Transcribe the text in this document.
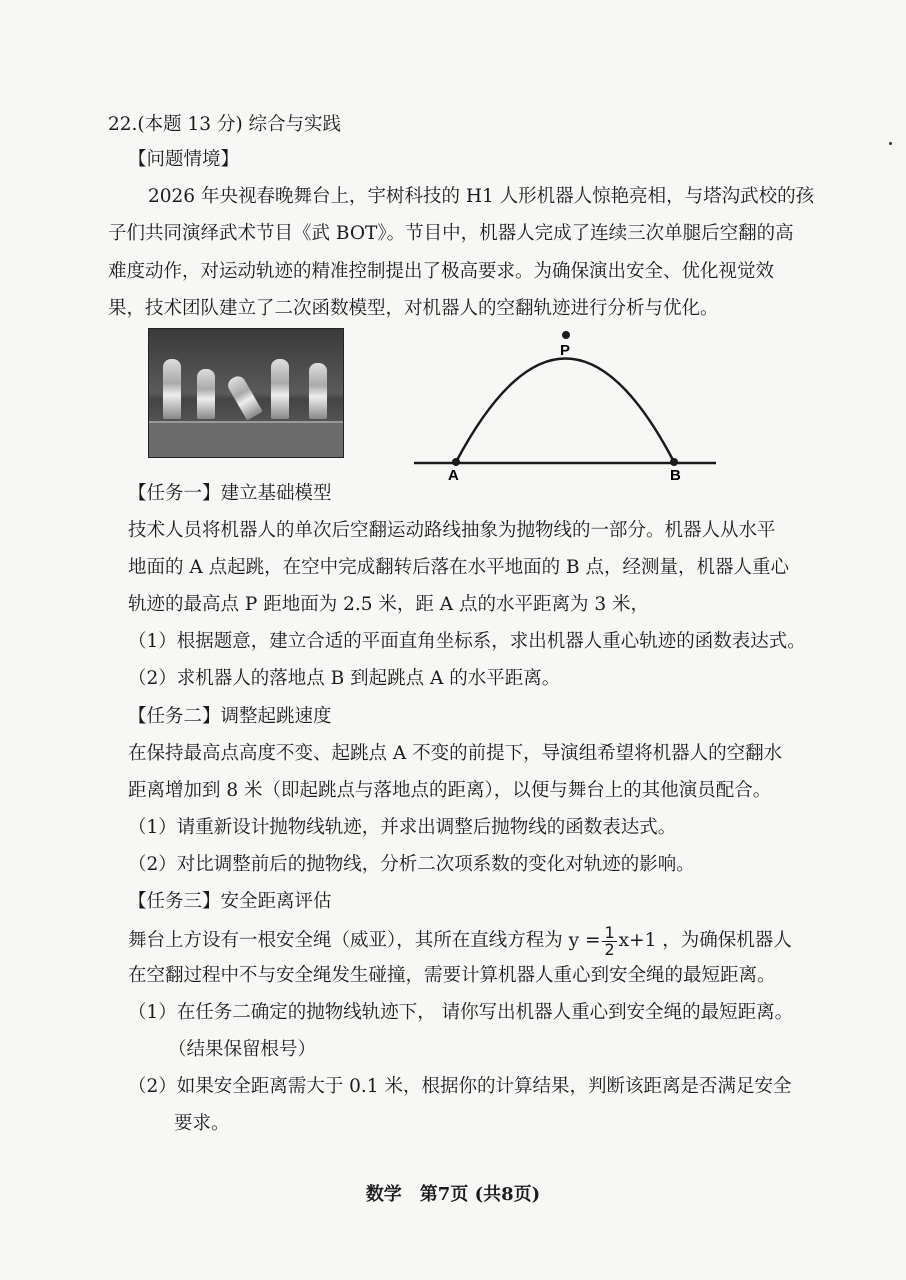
22.(本题 13 分) 综合与实践
【问题情境】
2026 年央视春晚舞台上，宇树科技的 H1 人形机器人惊艳亮相，与塔沟武校的孩
子们共同演绎武术节目《武 BOT》。节目中，机器人完成了连续三次单腿后空翻的高
难度动作，对运动轨迹的精准控制提出了极高要求。为确保演出安全、优化视觉效
果，技术团队建立了二次函数模型，对机器人的空翻轨迹进行分析与优化。
P
A	B
【任务一】建立基础模型
技术人员将机器人的单次后空翻运动路线抽象为抛物线的一部分。机器人从水平
地面的 A 点起跳，在空中完成翻转后落在水平地面的 B 点，经测量，机器人重心
轨迹的最高点 P 距地面为 2.5 米，距 A 点的水平距离为 3 米，
（1）根据题意，建立合适的平面直角坐标系，求出机器人重心轨迹的函数表达式。
（2）求机器人的落地点 B 到起跳点 A 的水平距离。
【任务二】调整起跳速度
在保持最高点高度不变、起跳点 A 不变的前提下，导演组希望将机器人的空翻水
距离增加到 8 米（即起跳点与落地点的距离），以便与舞台上的其他演员配合。
（1）请重新设计抛物线轨迹，并求出调整后抛物线的函数表达式。
（2）对比调整前后的抛物线，分析二次项系数的变化对轨迹的影响。
【任务三】安全距离评估
舞台上方设有一根安全绳（威亚），其所在直线方程为 $y = \frac{1}{2} x+1$ ，为确保机器人
在空翻过程中不与安全绳发生碰撞，需要计算机器人重心到安全绳的最短距离。
（1）在任务二确定的抛物线轨迹下， 请你写出机器人重心到安全绳的最短距离。
（结果保留根号）
（2）如果安全距离需大于 0.1 米，根据你的计算结果，判断该距离是否满足安全
要求。
数学　第7页 (共8页)
